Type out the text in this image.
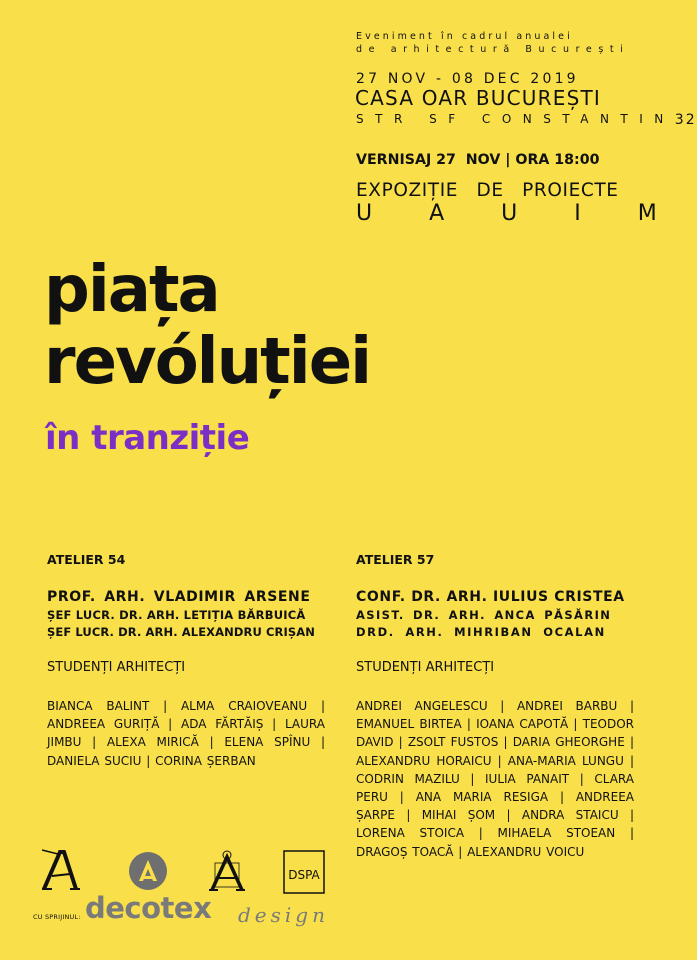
Eveniment în cadrul anualei
de arhitectură București
27 NOV - 08 DEC 2019
CASA OAR BUCUREȘTI
STR SF CONSTANTIN 32
VERNISAJ 27  NOV | ORA 18:00
EXPOZIȚIE DE PROIECTE
U A U I M
piața
revóluției
în tranziție
ATELIER 54
PROF. ARH. VLADIMIR ARSENE
ȘEF LUCR. DR. ARH. LETIȚIA BĂRBUICĂ
ȘEF LUCR. DR. ARH. ALEXANDRU CRIȘAN
STUDENȚI ARHITECȚI
BIANCA BALINT | ALMA CRAIOVEANU | ANDREEA GURIȚĂ | ADA FĂRTĂIȘ | LAURA JIMBU | ALEXA MIRICĂ | ELENA SPÎNU | DANIELA SUCIU | CORINA ȘERBAN
ATELIER 57
CONF. DR. ARH. IULIUS CRISTEA
ASIST. DR. ARH. ANCA PĂSĂRIN
DRD. ARH. MIHRIBAN OCALAN
STUDENȚI ARHITECȚI
ANDREI ANGELESCU | ANDREI BARBU | EMANUEL BIRTEA | IOANA CAPOTĂ | TEODOR DAVID | ZSOLT FUSTOS | DARIA GHEORGHE | ALEXANDRU HORAICU | ANA-MARIA LUNGU | CODRIN MAZILU | IULIA PANAIT | CLARA PERU | ANA MARIA RESIGA | ANDREEA ȘARPE | MIHAI ȘOM | ANDRA STAICU | LORENA STOICA | MIHAELA STOEAN | DRAGOȘ TOACĂ | ALEXANDRU VOICU
DSPA
CU SPRIJINUL: decotex design
